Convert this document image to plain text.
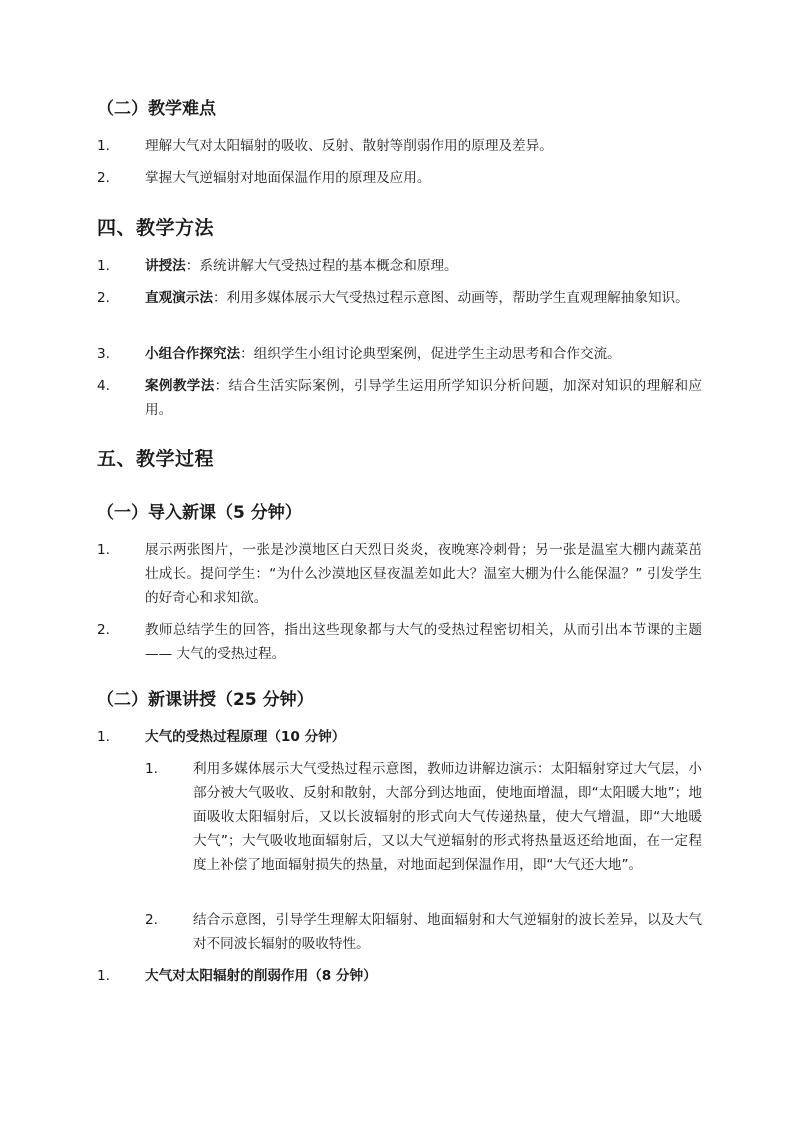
（二）教学难点
1.	理解大气对太阳辐射的吸收、反射、散射等削弱作用的原理及差异。
2.	掌握大气逆辐射对地面保温作用的原理及应用。
四、教学方法
1.	讲授法：系统讲解大气受热过程的基本概念和原理。
2.	直观演示法：利用多媒体展示大气受热过程示意图、动画等，帮助学生直观理解抽象知识。
3.	小组合作探究法：组织学生小组讨论典型案例，促进学生主动思考和合作交流。
4.	案例教学法：结合生活实际案例，引导学生运用所学知识分析问题，加深对知识的理解和应用。
五、教学过程
（一）导入新课（5 分钟）
1.	展示两张图片，一张是沙漠地区白天烈日炎炎，夜晚寒冷刺骨；另一张是温室大棚内蔬菜茁壮成长。提问学生：“为什么沙漠地区昼夜温差如此大？温室大棚为什么能保温？” 引发学生的好奇心和求知欲。
2.	教师总结学生的回答，指出这些现象都与大气的受热过程密切相关，从而引出本节课的主题 —— 大气的受热过程。
（二）新课讲授（25 分钟）
1.	大气的受热过程原理（10 分钟）
1.	利用多媒体展示大气受热过程示意图，教师边讲解边演示：太阳辐射穿过大气层，小部分被大气吸收、反射和散射，大部分到达地面，使地面增温，即“太阳暖大地”；地面吸收太阳辐射后，又以长波辐射的形式向大气传递热量，使大气增温，即“大地暖大气”；大气吸收地面辐射后，又以大气逆辐射的形式将热量返还给地面，在一定程度上补偿了地面辐射损失的热量，对地面起到保温作用，即“大气还大地”。
2.	结合示意图，引导学生理解太阳辐射、地面辐射和大气逆辐射的波长差异，以及大气对不同波长辐射的吸收特性。
1.	大气对太阳辐射的削弱作用（8 分钟）
